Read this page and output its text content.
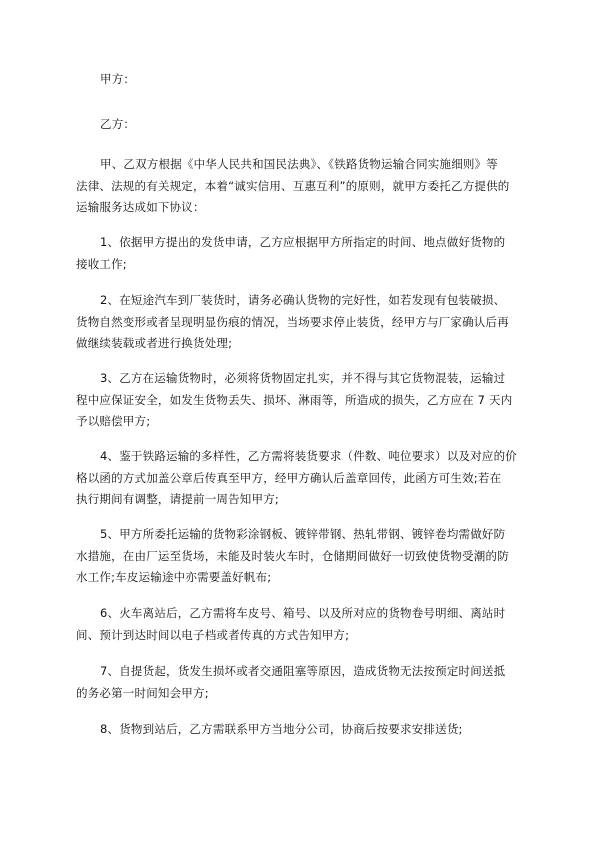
甲方：

乙方：

甲、乙双方根据《中华人民共和国民法典》、《铁路货物运输合同实施细则》等
法律、法规的有关规定，本着“诚实信用、互惠互利”的原则，就甲方委托乙方提供的
运输服务达成如下协议：

1、依据甲方提出的发货申请，乙方应根据甲方所指定的时间、地点做好货物的
接收工作;

2、在短途汽车到厂装货时，请务必确认货物的完好性，如若发现有包装破损、
货物自然变形或者呈现明显伤痕的情况，当场要求停止装货，经甲方与厂家确认后再
做继续装载或者进行换货处理;

3、乙方在运输货物时，必须将货物固定扎实，并不得与其它货物混装，运输过
程中应保证安全，如发生货物丢失、损坏、淋雨等，所造成的损失，乙方应在 7 天内
予以赔偿甲方;

4、鉴于铁路运输的多样性，乙方需将装货要求（件数、吨位要求）以及对应的价
格以函的方式加盖公章后传真至甲方，经甲方确认后盖章回传，此函方可生效;若在
执行期间有调整，请提前一周告知甲方;

5、甲方所委托运输的货物彩涂钢板、镀锌带钢、热轧带钢、镀锌卷均需做好防
水措施，在由厂运至货场，未能及时装火车时，仓储期间做好一切致使货物受潮的防
水工作;车皮运输途中亦需要盖好帆布;

6、火车离站后，乙方需将车皮号、箱号、以及所对应的货物卷号明细、离站时
间、预计到达时间以电子档或者传真的方式告知甲方;

7、自提货起，货发生损坏或者交通阻塞等原因，造成货物无法按预定时间送抵
的务必第一时间知会甲方;

8、货物到站后，乙方需联系甲方当地分公司，协商后按要求安排送货;
